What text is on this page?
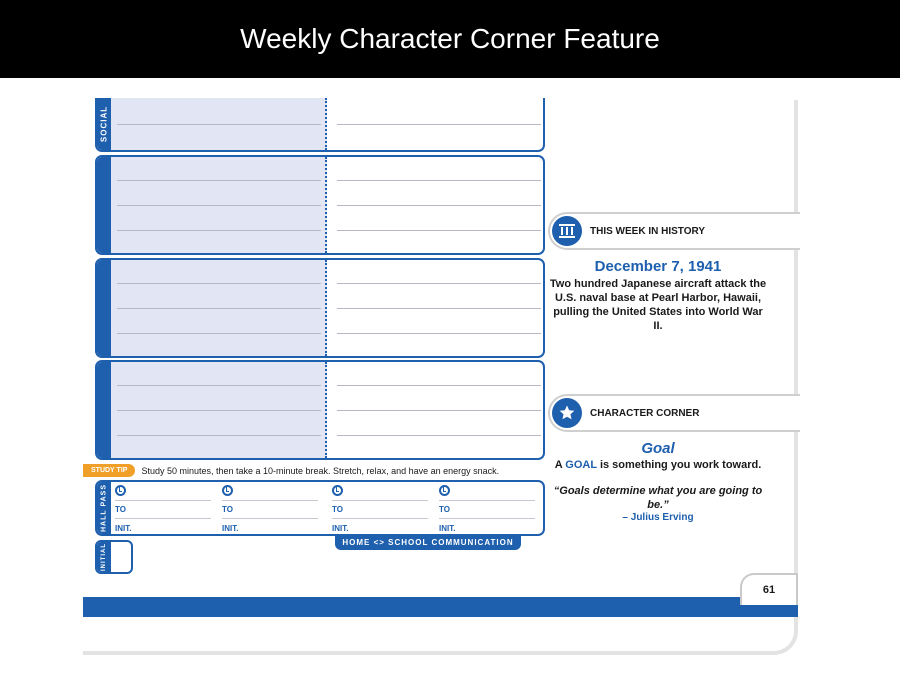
Weekly Character Corner Feature
SOCIAL
STUDY TIP	Study 50 minutes, then take a 10-minute break. Stretch, relax, and have an energy snack.
HALL PASS TO
INIT.
TO
INIT.
TO
INIT.
TO
INIT.
HOME <> SCHOOL COMMUNICATION
INITIAL
THIS WEEK IN HISTORY
December 7, 1941
Two hundred Japanese aircraft attack the U.S. naval base at Pearl Harbor, Hawaii, pulling the United States into World War II.
CHARACTER CORNER
Goal
A GOAL is something you work toward.
“Goals determine what you are going to be.”
– Julius Erving
61
